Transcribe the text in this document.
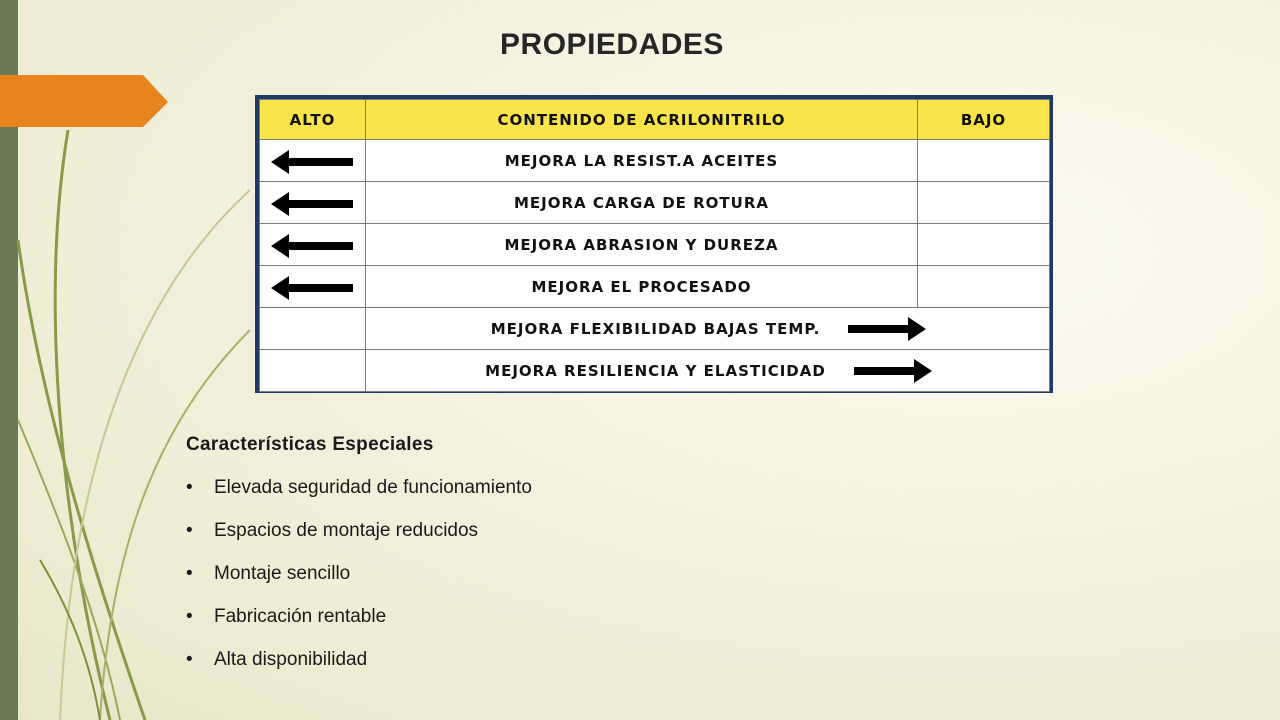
PROPIEDADES
ALTO	CONTENIDO DE ACRILONITRILO	BAJO
	MEJORA LA RESIST.A ACEITES	
	MEJORA CARGA DE ROTURA	
	MEJORA ABRASION Y DUREZA	
	MEJORA EL PROCESADO	

	MEJORA FLEXIBILIDAD BAJAS TEMP.	

	MEJORA RESILIENCIA Y ELASTICIDAD	
Características Especiales
• Elevada seguridad de funcionamiento
• Espacios de montaje reducidos
• Montaje sencillo
• Fabricación rentable
• Alta disponibilidad
